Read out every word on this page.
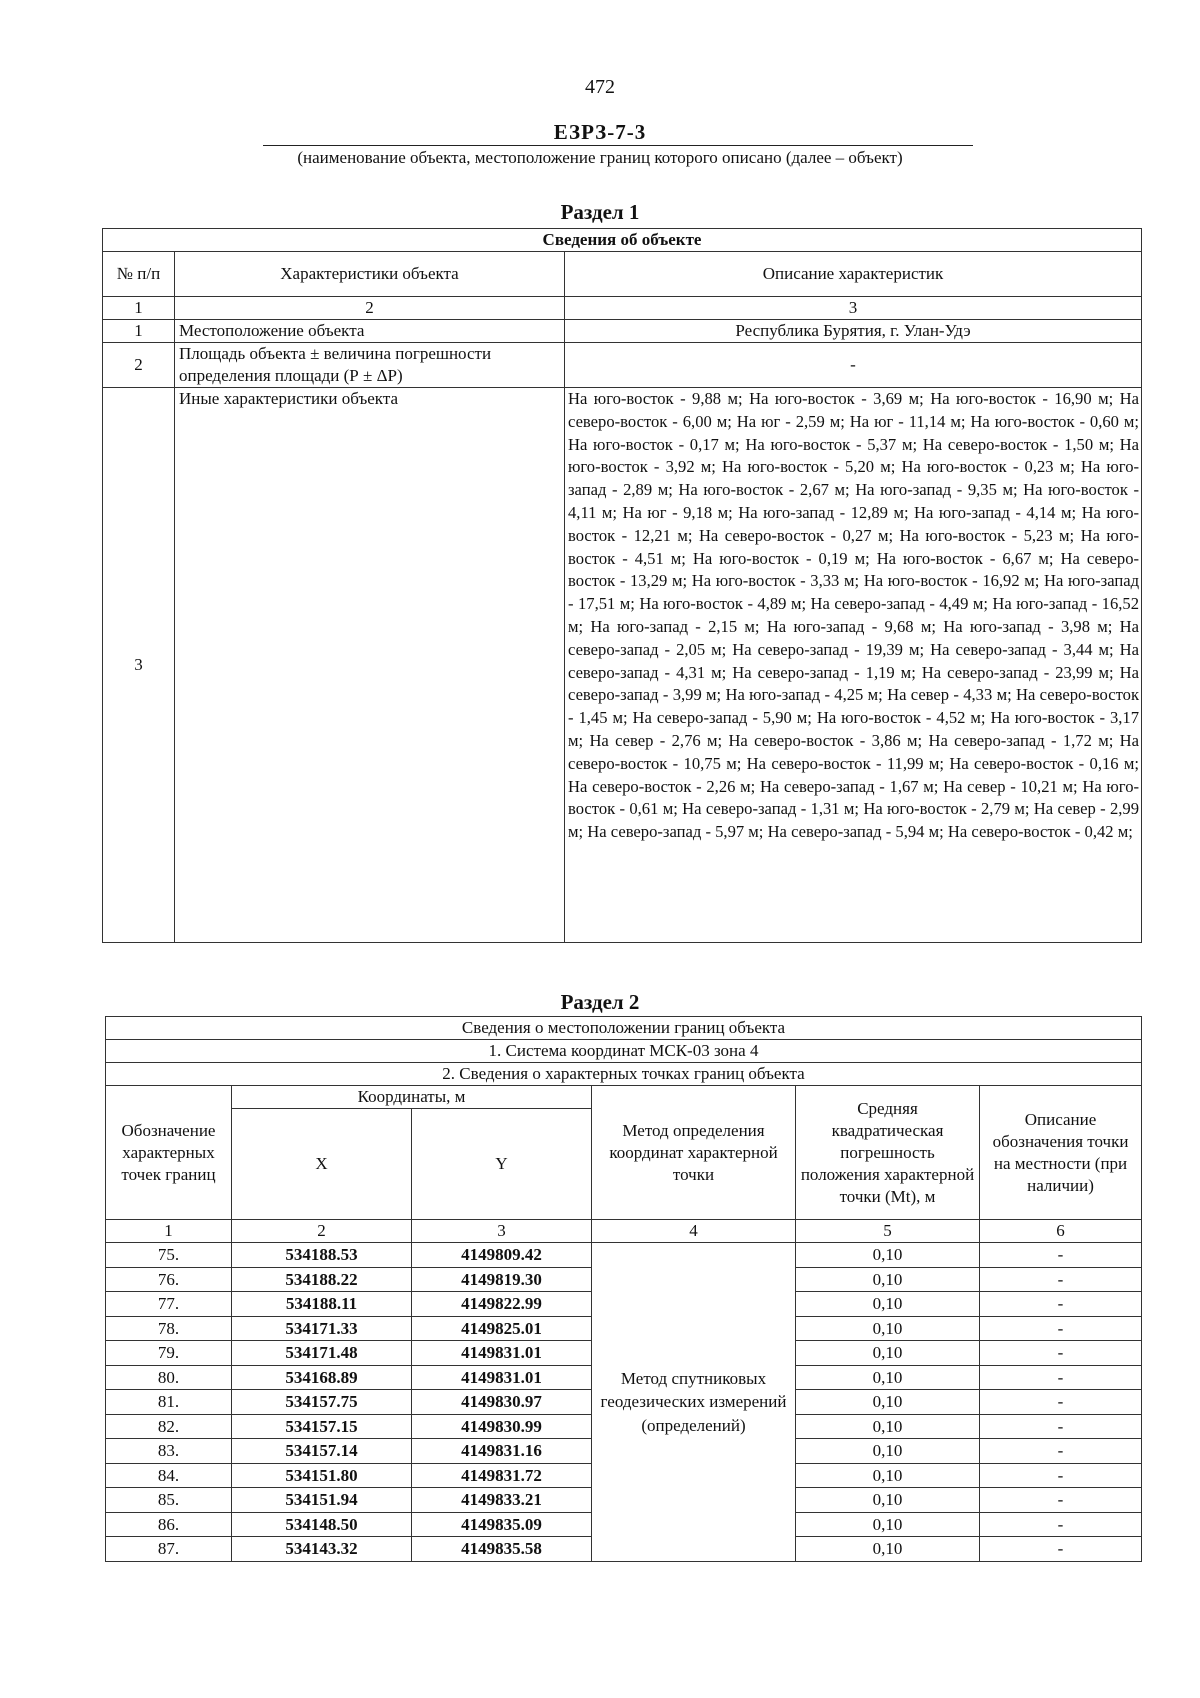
472
ЕЗРЗ-7-3
(наименование объекта, местоположение границ которого описано (далее – объект)
Раздел 1
Сведения об объекте		
№ п/п	Характеристики объекта	Описание характеристик
1	2	3
1	Местоположение объекта	Республика Бурятия, г. Улан-Удэ
2	Площадь объекта ± величина погрешности определения площади (Р ± ΔР)	-
3	Иные характеристики объекта	На юго-восток - 9,88 м; На юго-восток - 3,69 м; На юго-восток - 16,90 м; На северо-восток - 6,00 м; На юг - 2,59 м; На юг - 11,14 м; На юго-восток - 0,60 м; На юго-восток - 0,17 м; На юго-восток - 5,37 м; На северо-восток - 1,50 м; На юго-восток - 3,92 м; На юго-восток - 5,20 м; На юго-восток - 0,23 м; На юго-запад - 2,89 м; На юго-восток - 2,67 м; На юго-запад - 9,35 м; На юго-восток - 4,11 м; На юг - 9,18 м; На юго-запад - 12,89 м; На юго-запад - 4,14 м; На юго-восток - 12,21 м; На северо-восток - 0,27 м; На юго-восток - 5,23 м; На юго-восток - 4,51 м; На юго-восток - 0,19 м; На юго-восток - 6,67 м; На северо-восток - 13,29 м; На юго-восток - 3,33 м; На юго-восток - 16,92 м; На юго-запад - 17,51 м; На юго-восток - 4,89 м; На северо-запад - 4,49 м; На юго-запад - 16,52 м; На юго-запад - 2,15 м; На юго-запад - 9,68 м; На юго-запад - 3,98 м; На северо-запад - 2,05 м; На северо-запад - 19,39 м; На северо-запад - 3,44 м; На северо-запад - 4,31 м; На северо-запад - 1,19 м; На северо-запад - 23,99 м; На северо-запад - 3,99 м; На юго-запад - 4,25 м; На север - 4,33 м; На северо-восток - 1,45 м; На северо-запад - 5,90 м; На юго-восток - 4,52 м; На юго-восток - 3,17 м; На север - 2,76 м; На северо-восток - 3,86 м; На северо-запад - 1,72 м; На северо-восток - 10,75 м; На северо-восток - 11,99 м; На северо-восток - 0,16 м; На северо-восток - 2,26 м; На северо-запад - 1,67 м; На север - 10,21 м; На юго-восток - 0,61 м; На северо-запад - 1,31 м; На юго-восток - 2,79 м; На север - 2,99 м; На северо-запад - 5,97 м; На северо-запад - 5,94 м; На северо-восток - 0,42 м;
Раздел 2
Сведения о местоположении границ объекта					
1. Система координат МСК-03 зона 4					
2. Сведения о характерных точках границ объекта					
Обозначение характерных точек границ	Координаты, м		Метод определения координат характерной точки	Средняя квадратическая погрешность положения характерной точки (Mt), м	Описание обозначения точки на местности (при наличии)
	X	Y			
1	2	3	4	5	6
75.	534188.53	4149809.42	Метод спутниковых геодезических измерений (определений)	0,10	-
76.	534188.22	4149819.30		0,10	-
77.	534188.11	4149822.99		0,10	-
78.	534171.33	4149825.01		0,10	-
79.	534171.48	4149831.01		0,10	-
80.	534168.89	4149831.01		0,10	-
81.	534157.75	4149830.97		0,10	-
82.	534157.15	4149830.99		0,10	-
83.	534157.14	4149831.16		0,10	-
84.	534151.80	4149831.72		0,10	-
85.	534151.94	4149833.21		0,10	-
86.	534148.50	4149835.09		0,10	-
87.	534143.32	4149835.58		0,10	-
